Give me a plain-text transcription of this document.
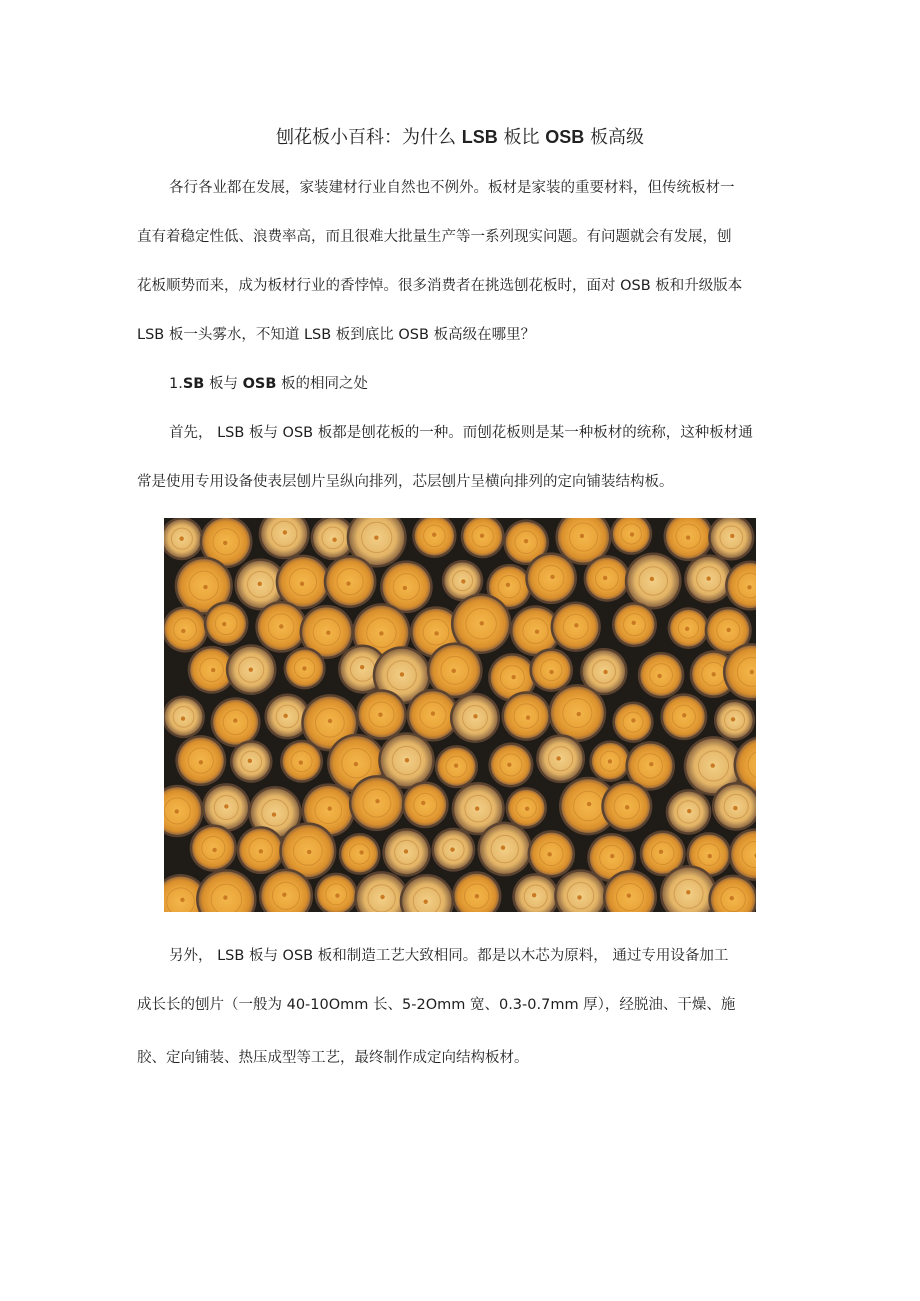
刨花板小百科：为什么 LSB 板比 OSB 板高级
各行各业都在发展，家装建材行业自然也不例外。板材是家装的重要材料，但传统板材一
直有着稳定性低、浪费率高，而且很难大批量生产等一系列现实问题。有问题就会有发展，刨
花板顺势而来，成为板材行业的香悖悼。很多消费者在挑选刨花板时，面对 OSB 板和升级版本
LSB 板一头雾水，不知道 LSB 板到底比 OSB 板高级在哪里？
1.SB 板与 OSB 板的相同之处
首先， LSB 板与 OSB 板都是刨花板的一种。而刨花板则是某一种板材的统称，这种板材通
常是使用专用设备使表层刨片呈纵向排列，芯层刨片呈横向排列的定向铺装结构板。
另外， LSB 板与 OSB 板和制造工艺大致相同。都是以木芯为原料， 通过专用设备加工
成长长的刨片（一般为 40-10Omm 长、5-2Omm 宽、0.3-0.7mm 厚），经脱油、干燥、施
胶、定向铺装、热压成型等工艺，最终制作成定向结构板材。
